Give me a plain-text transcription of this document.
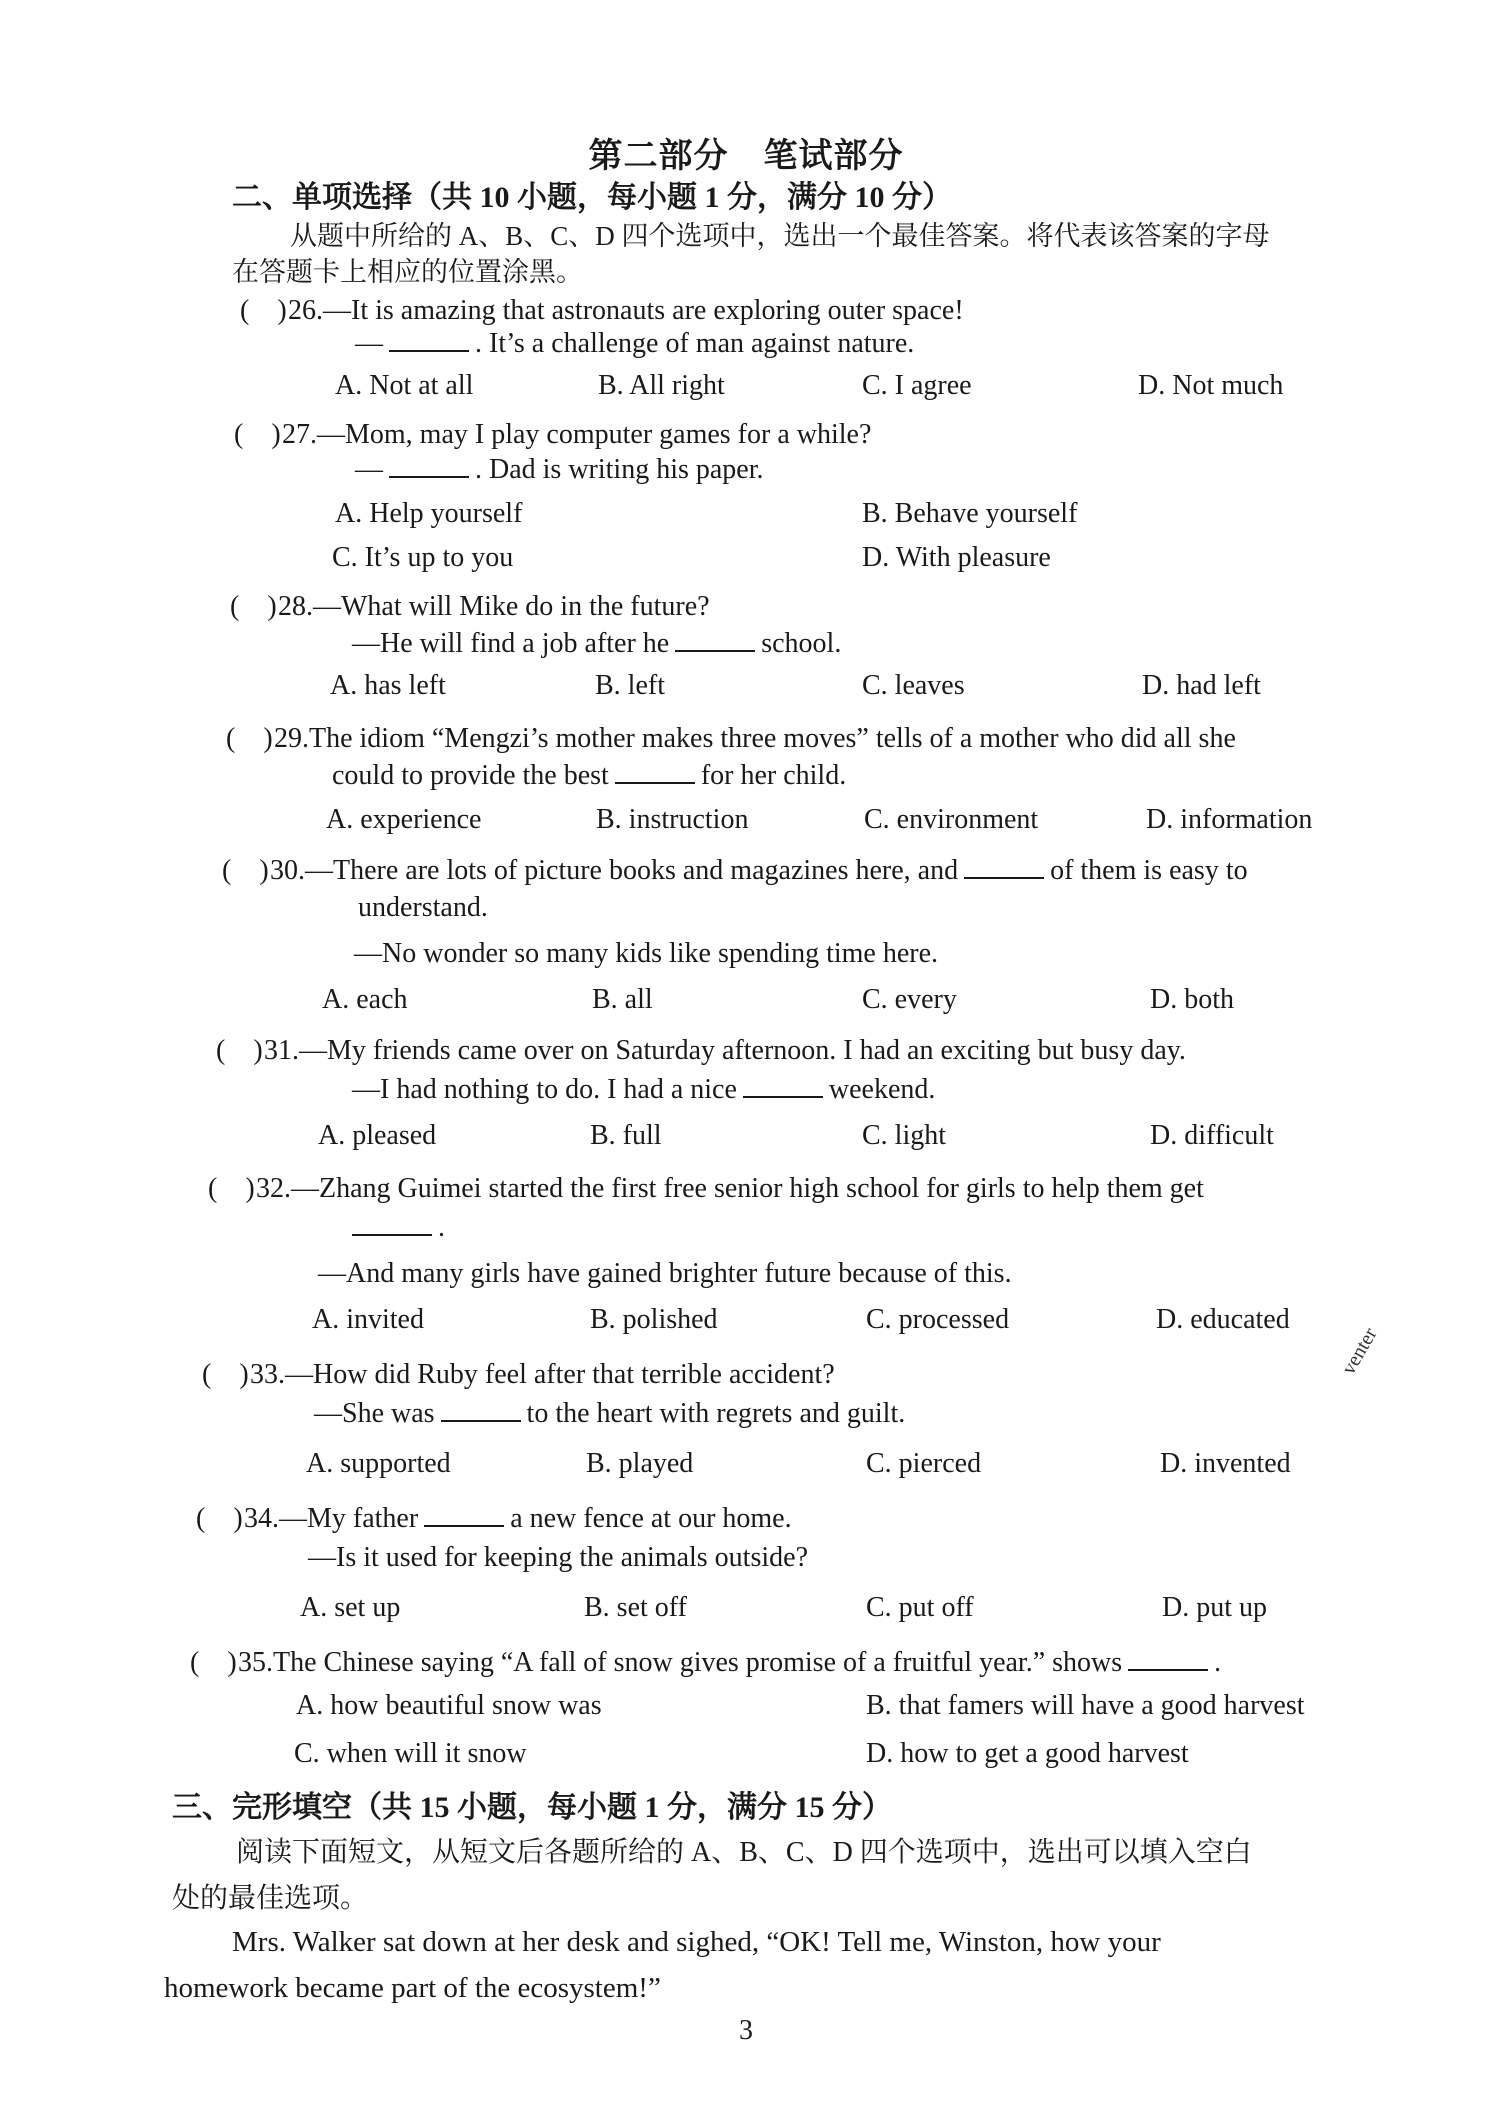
第二部分　笔试部分
二、单项选择（共 10 小题，每小题 1 分，满分 10 分）
从题中所给的 A、B、C、D 四个选项中，选出一个最佳答案。将代表该答案的字母
在答题卡上相应的位置涂黑。
(　)26.—It is amazing that astronauts are exploring outer space!
—	. It’s a challenge of man against nature.
A. Not at all	B. All right	C. I agree	D. Not much
(　)27.—Mom, may I play computer games for a while?
—	. Dad is writing his paper.
A. Help yourself	B. Behave yourself
C. It’s up to you	D. With pleasure
(　)28.—What will Mike do in the future?
—He will find a job after he	school.
A. has left	B. left	C. leaves	D. had left
(　)29.The idiom “Mengzi’s mother makes three moves” tells of a mother who did all she
could to provide the best	for her child.
A. experience	B. instruction	C. environment	D. information
(　)30.—There are lots of picture books and magazines here, and	of them is easy to
understand.
—No wonder so many kids like spending time here.
A. each	B. all	C. every	D. both
(　)31.—My friends came over on Saturday afternoon. I had an exciting but busy day.
—I had nothing to do. I had a nice	weekend.
A. pleased	B. full	C. light	D. difficult
(　)32.—Zhang Guimei started the first free senior high school for girls to help them get
.
—And many girls have gained brighter future because of this.
A. invited	B. polished	C. processed	D. educated
venter
(　)33.—How did Ruby feel after that terrible accident?
—She was	to the heart with regrets and guilt.
A. supported	B. played	C. pierced	D. invented
(　)34.—My father	a new fence at our home.
—Is it used for keeping the animals outside?
A. set up	B. set off	C. put off	D. put up
(　)35.The Chinese saying “A fall of snow gives promise of a fruitful year.” shows	.
A. how beautiful snow was	B. that famers will have a good harvest
C. when will it snow	D. how to get a good harvest
三、完形填空（共 15 小题，每小题 1 分，满分 15 分）
阅读下面短文，从短文后各题所给的 A、B、C、D 四个选项中，选出可以填入空白
处的最佳选项。
Mrs. Walker sat down at her desk and sighed, “OK! Tell me, Winston, how your
homework became part of the ecosystem!”
3
